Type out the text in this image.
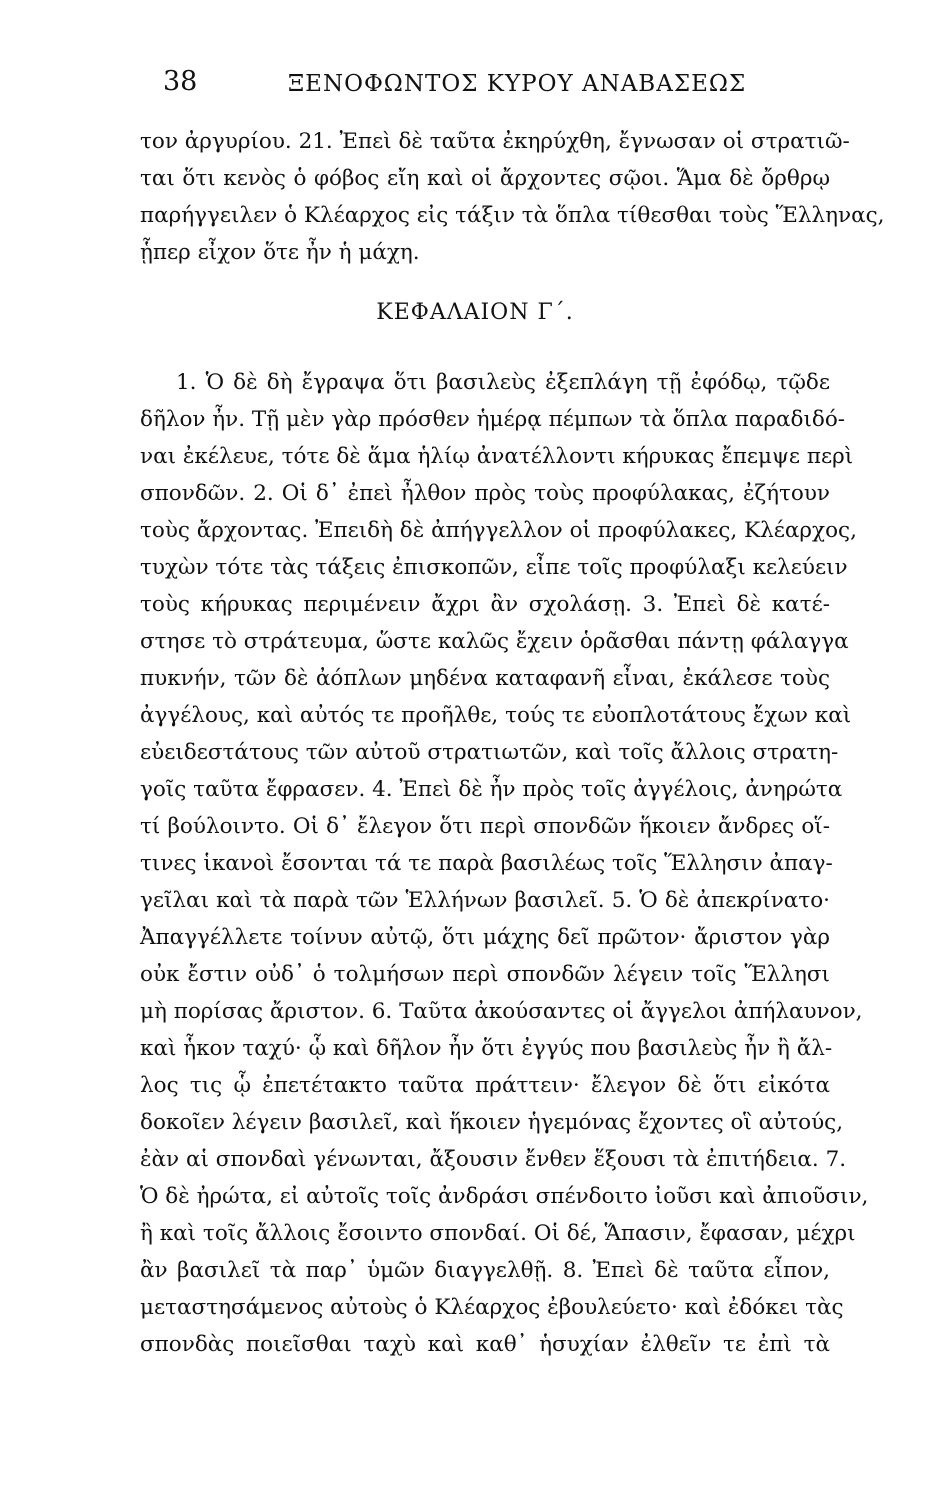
38	ΞΕΝΟΦΩΝΤΟΣ ΚΥΡΟΥ ΑΝΑΒΑΣΕΩΣ
τον ἀργυρίου. 21. Ἐπεὶ δὲ ταῦτα ἐκηρύχθη, ἔγνωσαν οἱ στρατιῶ-
ται ὅτι κενὸς ὁ φόβος εἴη καὶ οἱ ἄρχοντες σῷοι. Ἅμα δὲ ὄρθρῳ
παρήγγειλεν ὁ Κλέαρχος εἰς τάξιν τὰ ὅπλα τίθεσθαι τοὺς Ἕλληνας,
ᾗπερ εἶχον ὅτε ἦν ἡ μάχη.
ΚΕΦΑΛΑΙΟΝ Γ΄.
1. Ὁ δὲ δὴ ἔγραψα ὅτι βασιλεὺς ἐξεπλάγη τῇ ἐφόδῳ, τῷδε
δῆλον ἦν. Τῇ μὲν γὰρ πρόσθεν ἡμέρᾳ πέμπων τὰ ὅπλα παραδιδό-
ναι ἐκέλευε, τότε δὲ ἅμα ἡλίῳ ἀνατέλλοντι κήρυκας ἔπεμψε περὶ
σπονδῶν. 2. Οἱ δ᾽ ἐπεὶ ἦλθον πρὸς τοὺς προφύλακας, ἐζήτουν
τοὺς ἄρχοντας. Ἐπειδὴ δὲ ἀπήγγελλον οἱ προφύλακες, Κλέαρχος,
τυχὼν τότε τὰς τάξεις ἐπισκοπῶν, εἶπε τοῖς προφύλαξι κελεύειν
τοὺς κήρυκας περιμένειν ἄχρι ἂν σχολάσῃ. 3. Ἐπεὶ δὲ κατέ-
στησε τὸ στράτευμα, ὥστε καλῶς ἔχειν ὁρᾶσθαι πάντῃ φάλαγγα
πυκνήν, τῶν δὲ ἀόπλων μηδένα καταφανῆ εἶναι, ἐκάλεσε τοὺς
ἀγγέλους, καὶ αὐτός τε προῆλθε, τούς τε εὐοπλοτάτους ἔχων καὶ
εὐειδεστάτους τῶν αὐτοῦ στρατιωτῶν, καὶ τοῖς ἄλλοις στρατη-
γοῖς ταῦτα ἔφρασεν. 4. Ἐπεὶ δὲ ἦν πρὸς τοῖς ἀγγέλοις, ἀνηρώτα
τί βούλοιντο. Οἱ δ᾽ ἔλεγον ὅτι περὶ σπονδῶν ἥκοιεν ἄνδρες οἵ-
τινες ἱκανοὶ ἔσονται τά τε παρὰ βασιλέως τοῖς Ἕλλησιν ἀπαγ-
γεῖλαι καὶ τὰ παρὰ τῶν Ἑλλήνων βασιλεῖ. 5. Ὁ δὲ ἀπεκρίνατο·
Ἀπαγγέλλετε τοίνυν αὐτῷ, ὅτι μάχης δεῖ πρῶτον· ἄριστον γὰρ
οὐκ ἔστιν οὐδ᾽ ὁ τολμήσων περὶ σπονδῶν λέγειν τοῖς Ἕλλησι
μὴ πορίσας ἄριστον. 6. Ταῦτα ἀκούσαντες οἱ ἄγγελοι ἀπήλαυνον,
καὶ ἧκον ταχύ· ᾧ καὶ δῆλον ἦν ὅτι ἐγγύς που βασιλεὺς ἦν ἢ ἄλ-
λος τις ᾧ ἐπετέτακτο ταῦτα πράττειν· ἔλεγον δὲ ὅτι εἰκότα
δοκοῖεν λέγειν βασιλεῖ, καὶ ἥκοιεν ἡγεμόνας ἔχοντες οἳ αὐτούς,
ἐὰν αἱ σπονδαὶ γένωνται, ἄξουσιν ἔνθεν ἕξουσι τὰ ἐπιτήδεια. 7.
Ὁ δὲ ἠρώτα, εἰ αὐτοῖς τοῖς ἀνδράσι σπένδοιτο ἰοῦσι καὶ ἀπιοῦσιν,
ἢ καὶ τοῖς ἄλλοις ἔσοιντο σπονδαί. Οἱ δέ, Ἅπασιν, ἔφασαν, μέχρι
ἂν βασιλεῖ τὰ παρ᾽ ὑμῶν διαγγελθῇ. 8. Ἐπεὶ δὲ ταῦτα εἶπον,
μεταστησάμενος αὐτοὺς ὁ Κλέαρχος ἐβουλεύετο· καὶ ἐδόκει τὰς
σπονδὰς ποιεῖσθαι ταχὺ καὶ καθ᾽ ἡσυχίαν ἐλθεῖν τε ἐπὶ τὰ
